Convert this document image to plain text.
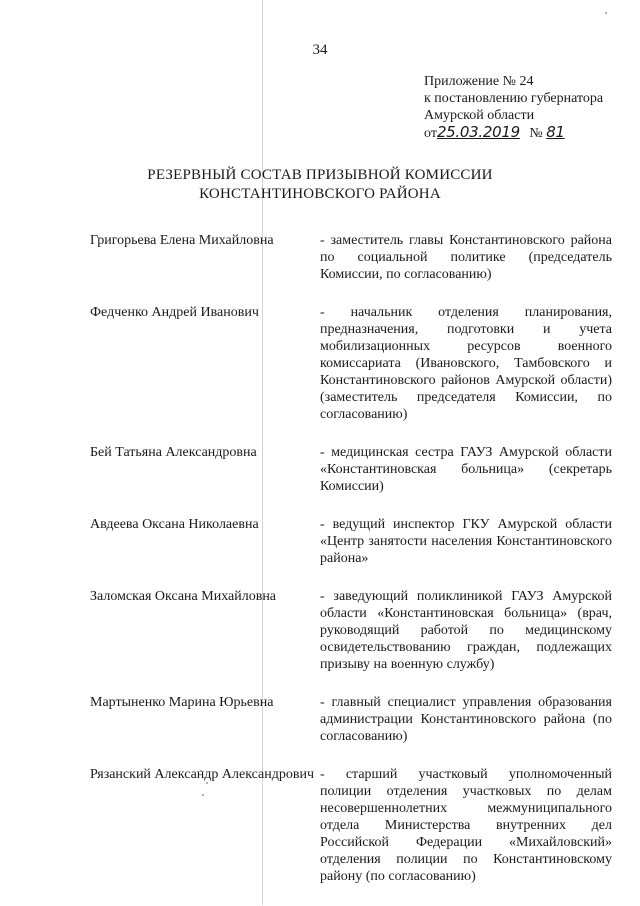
34
Приложение № 24
к постановлению губернатора
Амурской области
от25.03.2019 № 81
РЕЗЕРВНЫЙ СОСТАВ ПРИЗЫВНОЙ КОМИССИИ
КОНСТАНТИНОВСКОГО РАЙОНА
Григорьева Елена Михайловна	- заместитель главы Константиновского района по социальной политике (председатель Комиссии, по согласованию)
Федченко Андрей Иванович	- начальник отделения планирования, предназначения, подготовки и учета мобилизационных ресурсов военного комиссариата (Ивановского, Тамбовского и Константиновского районов Амурской области) (заместитель председателя Комиссии, по согласованию)
Бей Татьяна Александровна	- медицинская сестра ГАУЗ Амурской области «Константиновская больница» (секретарь Комиссии)
Авдеева Оксана Николаевна	- ведущий инспектор ГКУ Амурской области «Центр занятости населения Константиновского района»
Заломская Оксана Михайловна	- заведующий поликлиникой ГАУЗ Амурской области «Константиновская больница» (врач, руководящий работой по медицинскому освидетельствованию граждан, подлежащих призыву на военную службу)
Мартыненко Марина Юрьевна	- главный специалист управления образования администрации Константиновского района (по согласованию)
Рязанский Александр Александрович - старший участковый уполномоченный полиции отделения участковых по делам несовершеннолетних межмуниципального отдела Министерства внутренних дел Российской Федерации «Михайловский» отделения полиции по Константиновскому району (по согласованию)
